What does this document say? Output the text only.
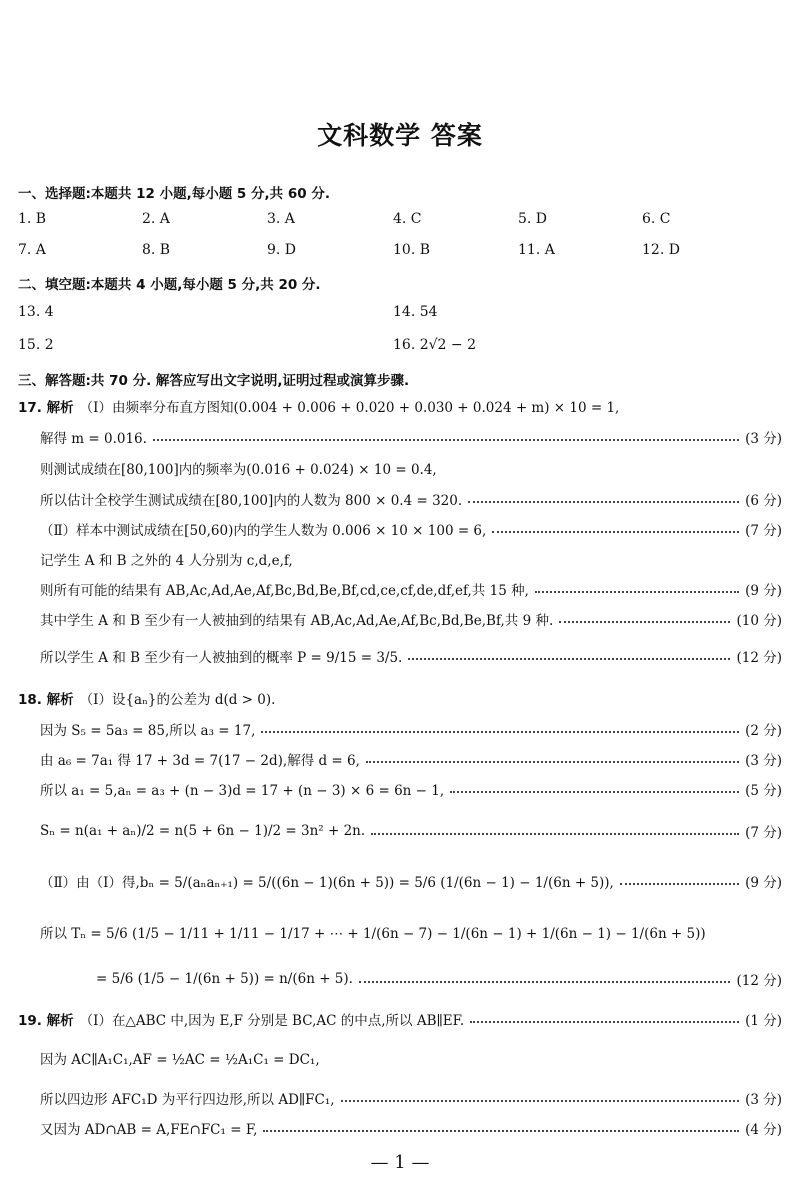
文科数学 答案
一、选择题:本题共 12 小题,每小题 5 分,共 60 分.
1. B	2. A	3. A	4. C	5. D	6. C
7. A	8. B	9. D	10. B	11. A	12. D
二、填空题:本题共 4 小题,每小题 5 分,共 20 分.
13. 4	14. 54
15. 2	16. 2√2 − 2
三、解答题:共 70 分. 解答应写出文字说明,证明过程或演算步骤.
17. 解析 （Ⅰ）由频率分布直方图知(0.004 + 0.006 + 0.020 + 0.030 + 0.024 + m) × 10 = 1,
解得 m = 0.016.	(3 分)
则测试成绩在[80,100]内的频率为(0.016 + 0.024) × 10 = 0.4,
所以估计全校学生测试成绩在[80,100]内的人数为 800 × 0.4 = 320.	(6 分)
（Ⅱ）样本中测试成绩在[50,60)内的学生人数为 0.006 × 10 × 100 = 6,	(7 分)
记学生 A 和 B 之外的 4 人分别为 c,d,e,f,
则所有可能的结果有 AB,Ac,Ad,Ae,Af,Bc,Bd,Be,Bf,cd,ce,cf,de,df,ef,共 15 种,	(9 分)
其中学生 A 和 B 至少有一人被抽到的结果有 AB,Ac,Ad,Ae,Af,Bc,Bd,Be,Bf,共 9 种.	(10 分)
所以学生 A 和 B 至少有一人被抽到的概率 P = 9/15 = 3/5.	(12 分)
18. 解析 （Ⅰ）设{aₙ}的公差为 d(d > 0).
因为 S₅ = 5a₃ = 85,所以 a₃ = 17,	(2 分)
由 a₆ = 7a₁ 得 17 + 3d = 7(17 − 2d),解得 d = 6,	(3 分)
所以 a₁ = 5,aₙ = a₃ + (n − 3)d = 17 + (n − 3) × 6 = 6n − 1,	(5 分)
Sₙ = n(a₁ + aₙ)/2 = n(5 + 6n − 1)/2 = 3n² + 2n.	(7 分)
（Ⅱ）由（Ⅰ）得,bₙ = 5/(aₙaₙ₊₁) = 5/((6n − 1)(6n + 5)) = 5/6 (1/(6n − 1) − 1/(6n + 5)),	(9 分)
所以 Tₙ = 5/6 (1/5 − 1/11 + 1/11 − 1/17 + ⋯ + 1/(6n − 7) − 1/(6n − 1) + 1/(6n − 1) − 1/(6n + 5))
= 5/6 (1/5 − 1/(6n + 5)) = n/(6n + 5).	(12 分)
19. 解析 （Ⅰ）在△ABC 中,因为 E,F 分别是 BC,AC 的中点,所以 AB∥EF.	(1 分)
因为 AC∥A₁C₁,AF = ½AC = ½A₁C₁ = DC₁,
所以四边形 AFC₁D 为平行四边形,所以 AD∥FC₁,	(3 分)
又因为 AD∩AB = A,FE∩FC₁ = F,	(4 分)
— 1 —
